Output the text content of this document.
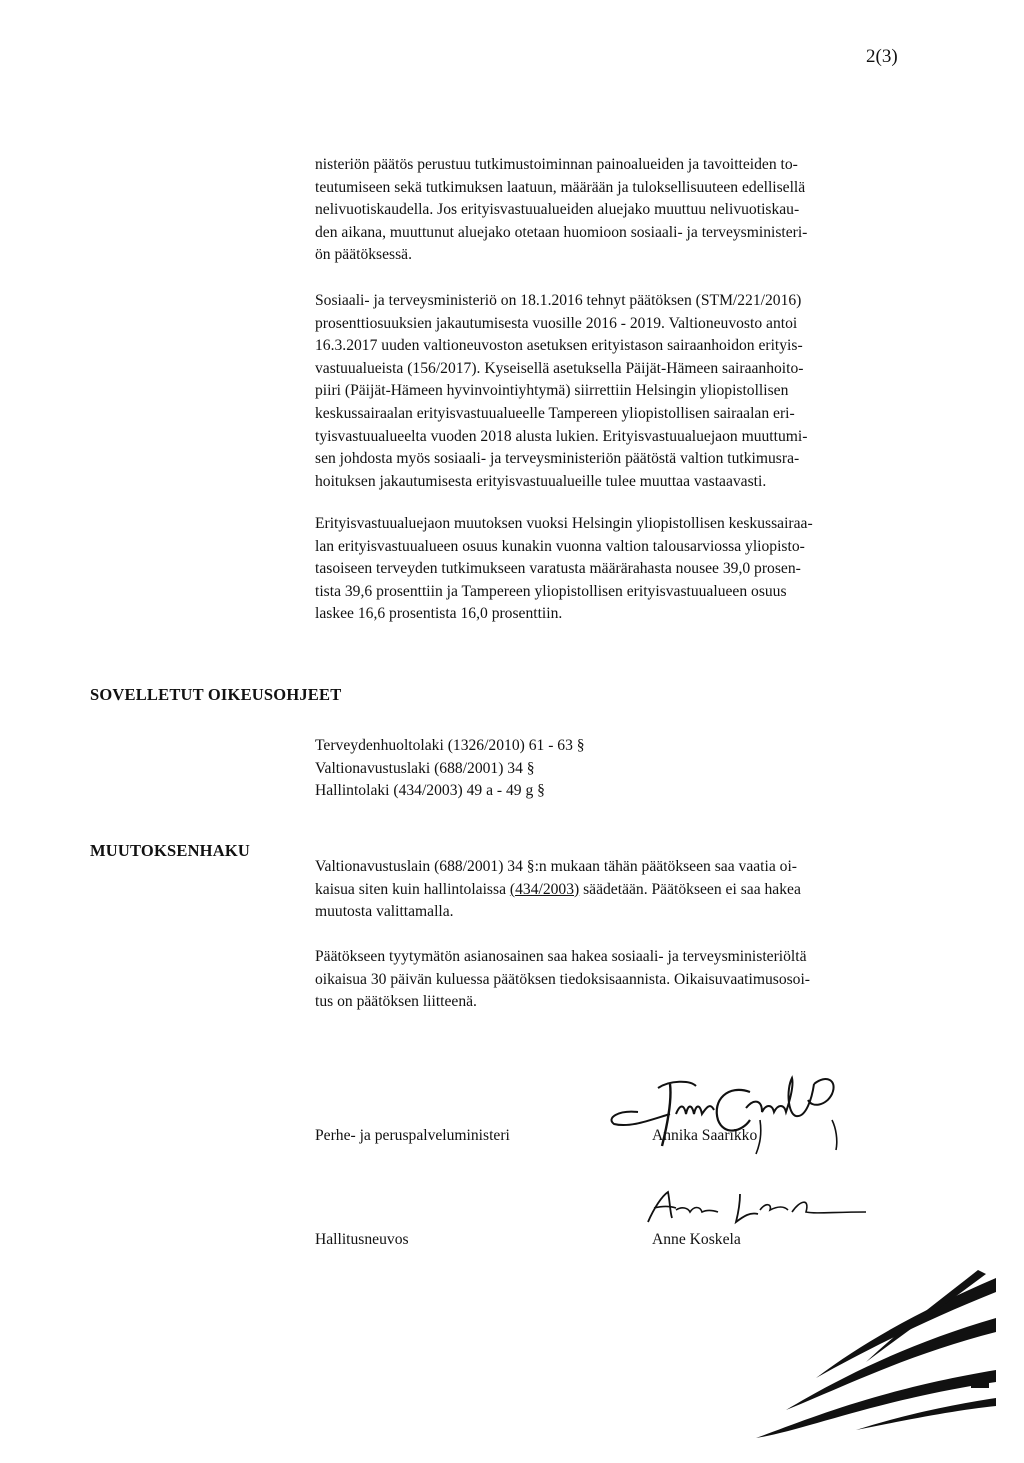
2(3)
nisteriön päätös perustuu tutkimustoiminnan painoalueiden ja tavoitteiden to-
teutumiseen sekä tutkimuksen laatuun, määrään ja tuloksellisuuteen edellisellä
nelivuotiskaudella. Jos erityisvastuualueiden aluejako muuttuu nelivuotiskau-
den aikana, muuttunut aluejako otetaan huomioon sosiaali- ja terveysministeri-
ön päätöksessä.
Sosiaali- ja terveysministeriö on 18.1.2016 tehnyt päätöksen (STM/221/2016)
prosenttiosuuksien jakautumisesta vuosille 2016 - 2019. Valtioneuvosto antoi
16.3.2017 uuden valtioneuvoston asetuksen erityistason sairaanhoidon erityis-
vastuualueista (156/2017). Kyseisellä asetuksella Päijät-Hämeen sairaanhoito-
piiri (Päijät-Hämeen hyvinvointiyhtymä) siirrettiin Helsingin yliopistollisen
keskussairaalan erityisvastuualueelle Tampereen yliopistollisen sairaalan eri-
tyisvastuualueelta vuoden 2018 alusta lukien. Erityisvastuualuejaon muuttumi-
sen johdosta myös sosiaali- ja terveysministeriön päätöstä valtion tutkimusra-
hoituksen jakautumisesta erityisvastuualueille tulee muuttaa vastaavasti.
Erityisvastuualuejaon muutoksen vuoksi Helsingin yliopistollisen keskussairaa-
lan erityisvastuualueen osuus kunakin vuonna valtion talousarviossa yliopisto-
tasoiseen terveyden tutkimukseen varatusta määrärahasta nousee 39,0 prosen-
tista 39,6 prosenttiin ja Tampereen yliopistollisen erityisvastuualueen osuus
laskee 16,6 prosentista 16,0 prosenttiin.
SOVELLETUT OIKEUSOHJEET
Terveydenhuoltolaki (1326/2010) 61 - 63 §
Valtionavustuslaki (688/2001) 34 §
Hallintolaki (434/2003) 49 a - 49 g §
MUUTOKSENHAKU
Valtionavustuslain (688/2001) 34 §:n mukaan tähän päätökseen saa vaatia oi-
kaisua siten kuin hallintolaissa (434/2003) säädetään. Päätökseen ei saa hakea
muutosta valittamalla.
Päätökseen tyytymätön asianosainen saa hakea sosiaali- ja terveysministeriöltä
oikaisua 30 päivän kuluessa päätöksen tiedoksisaannista. Oikaisuvaatimusosoi-
tus on päätöksen liitteenä.
Perhe- ja peruspalveluministeri	Annika Saarikko
Hallitusneuvos	Anne Koskela
